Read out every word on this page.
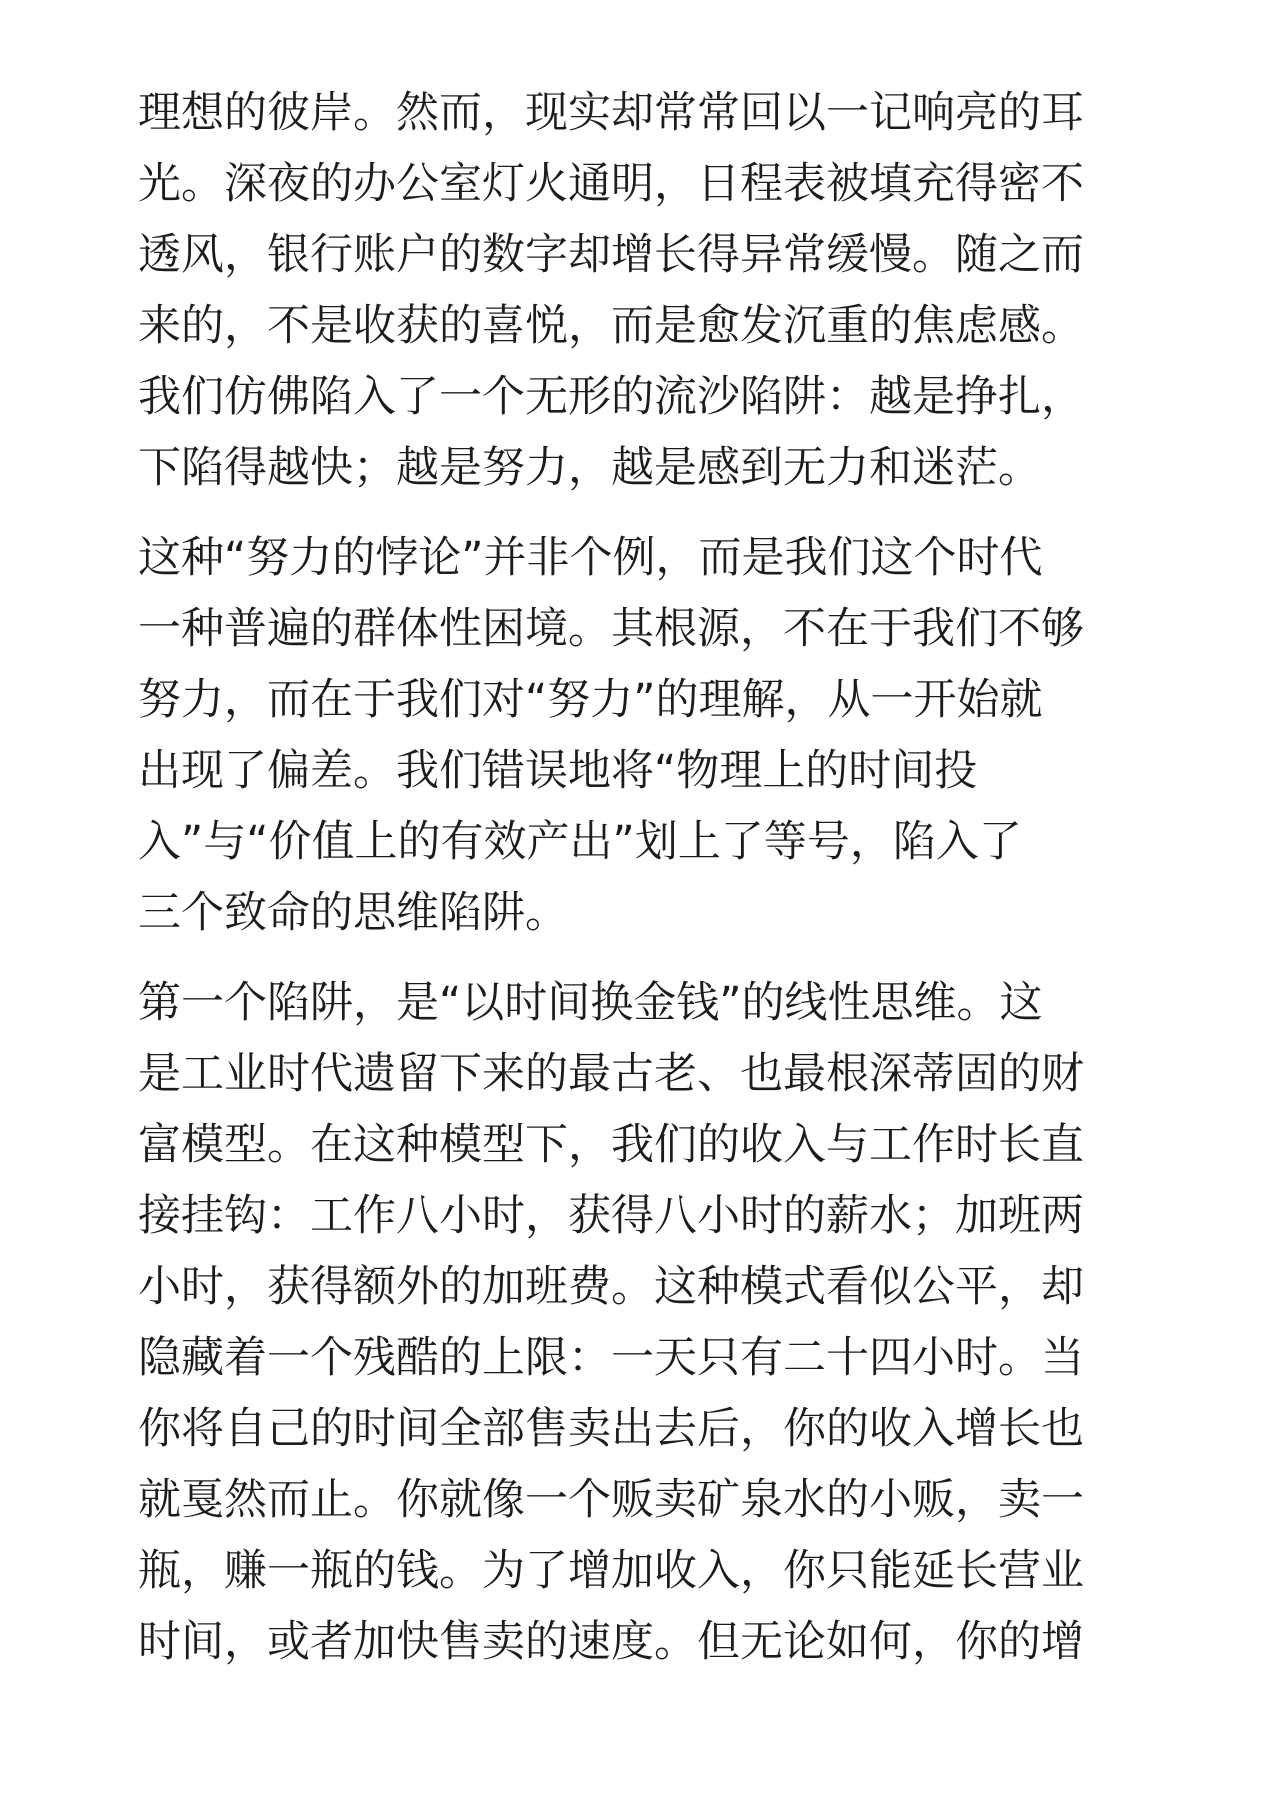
理想的彼岸。然而，现实却常常回以一记响亮的耳
光。深夜的办公室灯火通明，日程表被填充得密不
透风，银行账户的数字却增长得异常缓慢。随之而
来的，不是收获的喜悦，而是愈发沉重的焦虑感。
我们仿佛陷入了一个无形的流沙陷阱：越是挣扎，
下陷得越快；越是努力，越是感到无力和迷茫。
这种“努力的悖论”并非个例，而是我们这个时代
一种普遍的群体性困境。其根源，不在于我们不够
努力，而在于我们对“努力”的理解，从一开始就
出现了偏差。我们错误地将“物理上的时间投
入”与“价值上的有效产出”划上了等号，陷入了
三个致命的思维陷阱。
第一个陷阱，是“以时间换金钱”的线性思维。这
是工业时代遗留下来的最古老、也最根深蒂固的财
富模型。在这种模型下，我们的收入与工作时长直
接挂钩：工作八小时，获得八小时的薪水；加班两
小时，获得额外的加班费。这种模式看似公平，却
隐藏着一个残酷的上限：一天只有二十四小时。当
你将自己的时间全部售卖出去后，你的收入增长也
就戛然而止。你就像一个贩卖矿泉水的小贩，卖一
瓶，赚一瓶的钱。为了增加收入，你只能延长营业
时间，或者加快售卖的速度。但无论如何，你的增
